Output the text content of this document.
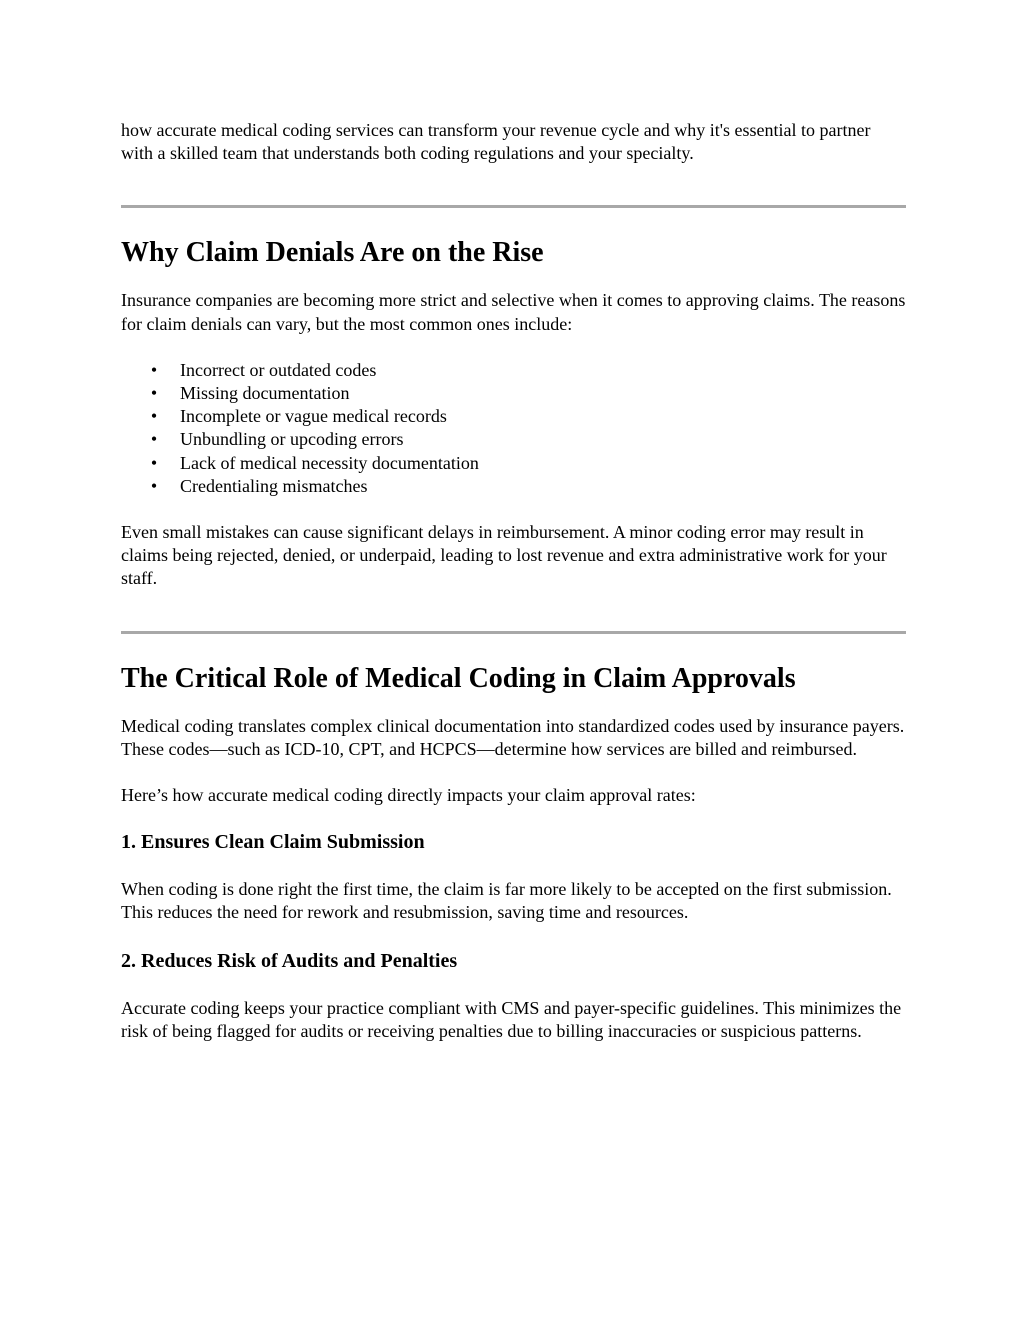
how accurate medical coding services can transform your revenue cycle and why it's essential to partner with a skilled team that understands both coding regulations and your specialty.

Why Claim Denials Are on the Rise

Insurance companies are becoming more strict and selective when it comes to approving claims. The reasons for claim denials can vary, but the most common ones include:

• Incorrect or outdated codes
• Missing documentation
• Incomplete or vague medical records
• Unbundling or upcoding errors
• Lack of medical necessity documentation
• Credentialing mismatches

Even small mistakes can cause significant delays in reimbursement. A minor coding error may result in claims being rejected, denied, or underpaid, leading to lost revenue and extra administrative work for your staff.

The Critical Role of Medical Coding in Claim Approvals

Medical coding translates complex clinical documentation into standardized codes used by insurance payers. These codes—such as ICD-10, CPT, and HCPCS—determine how services are billed and reimbursed.

Here’s how accurate medical coding directly impacts your claim approval rates:

1. Ensures Clean Claim Submission

When coding is done right the first time, the claim is far more likely to be accepted on the first submission. This reduces the need for rework and resubmission, saving time and resources.

2. Reduces Risk of Audits and Penalties

Accurate coding keeps your practice compliant with CMS and payer-specific guidelines. This minimizes the risk of being flagged for audits or receiving penalties due to billing inaccuracies or suspicious patterns.
